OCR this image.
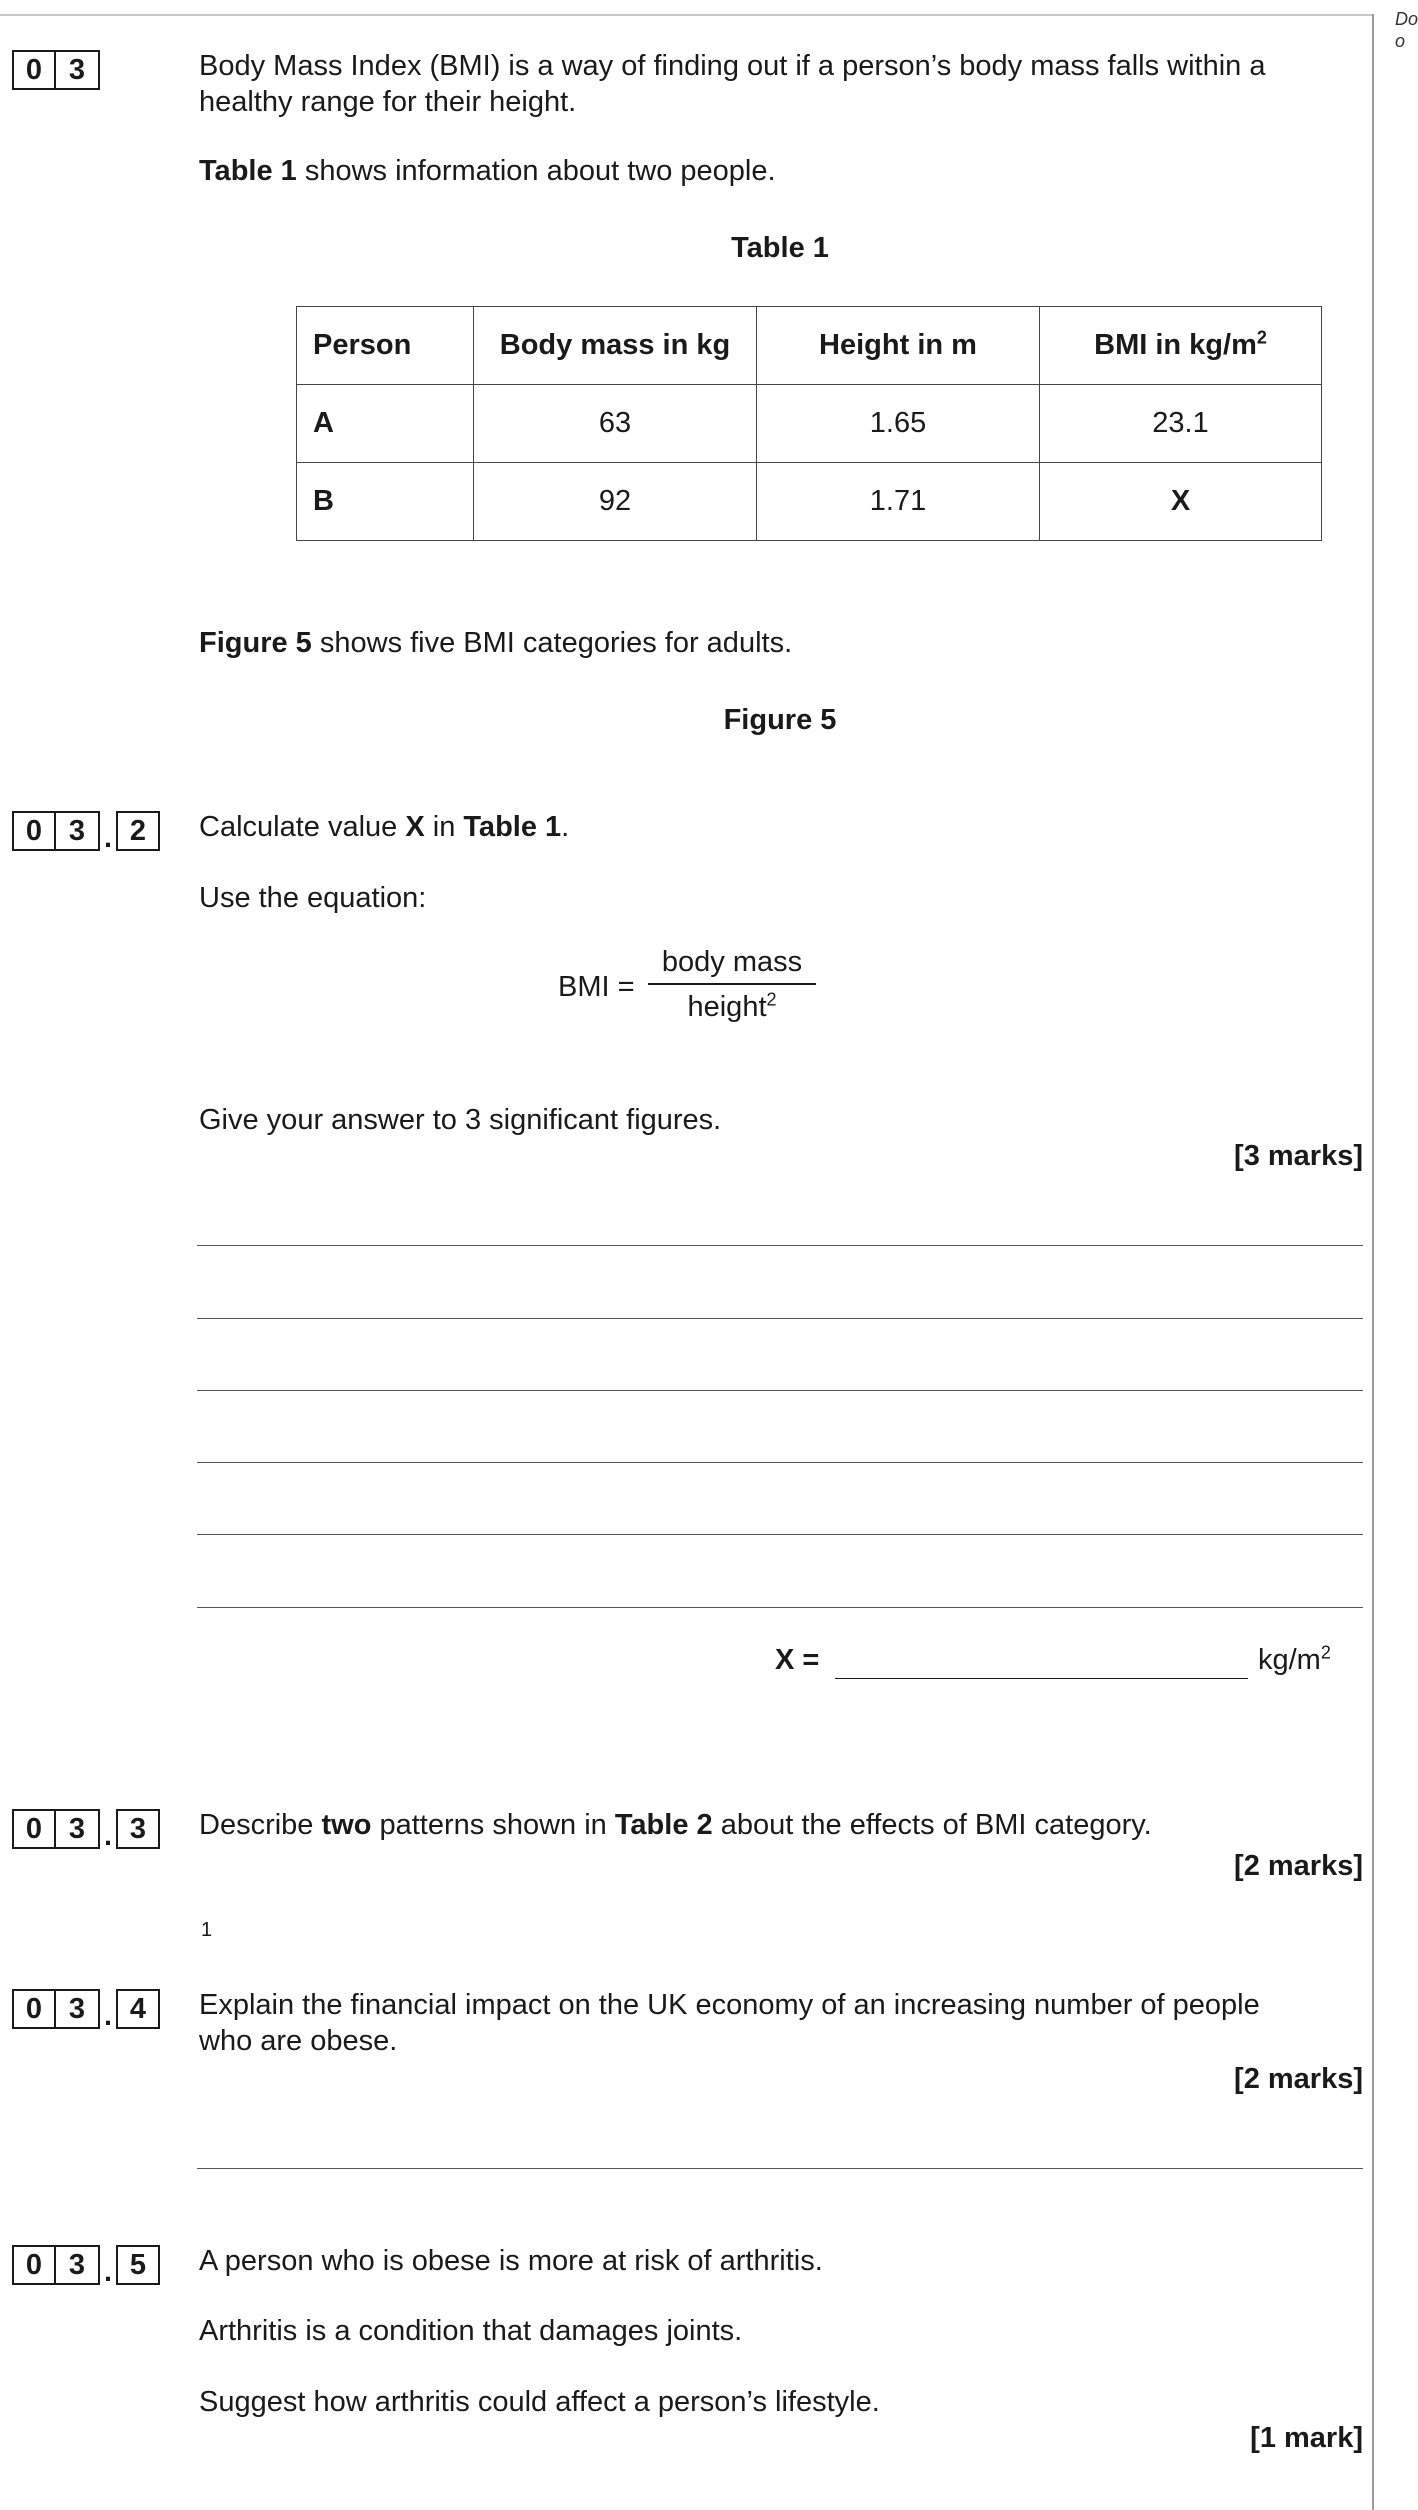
Do
o
0 3	Body Mass Index (BMI) is a way of finding out if a person’s body mass falls within a
healthy range for their height.
Table 1 shows information about two people.
Table 1
Person	Body mass in kg	Height in m	BMI in $kg/m^2$
A	63	1.65	23.1
B	92	1.71	X
Figure 5 shows five BMI categories for adults.
Figure 5
0 3 . 2	Calculate value X in Table 1.
Use the equation:
BMI =
body mass
height$^2$
Give your answer to 3 significant figures.
[3 marks]
X =	$kg/m^2$
0 3 . 3	Describe two patterns shown in Table 2 about the effects of BMI category.
[2 marks]
1
0 3 . 4	Explain the financial impact on the UK economy of an increasing number of people
who are obese.
[2 marks]
0 3 . 5	A person who is obese is more at risk of arthritis.
Arthritis is a condition that damages joints.
Suggest how arthritis could affect a person’s lifestyle.
[1 mark]
